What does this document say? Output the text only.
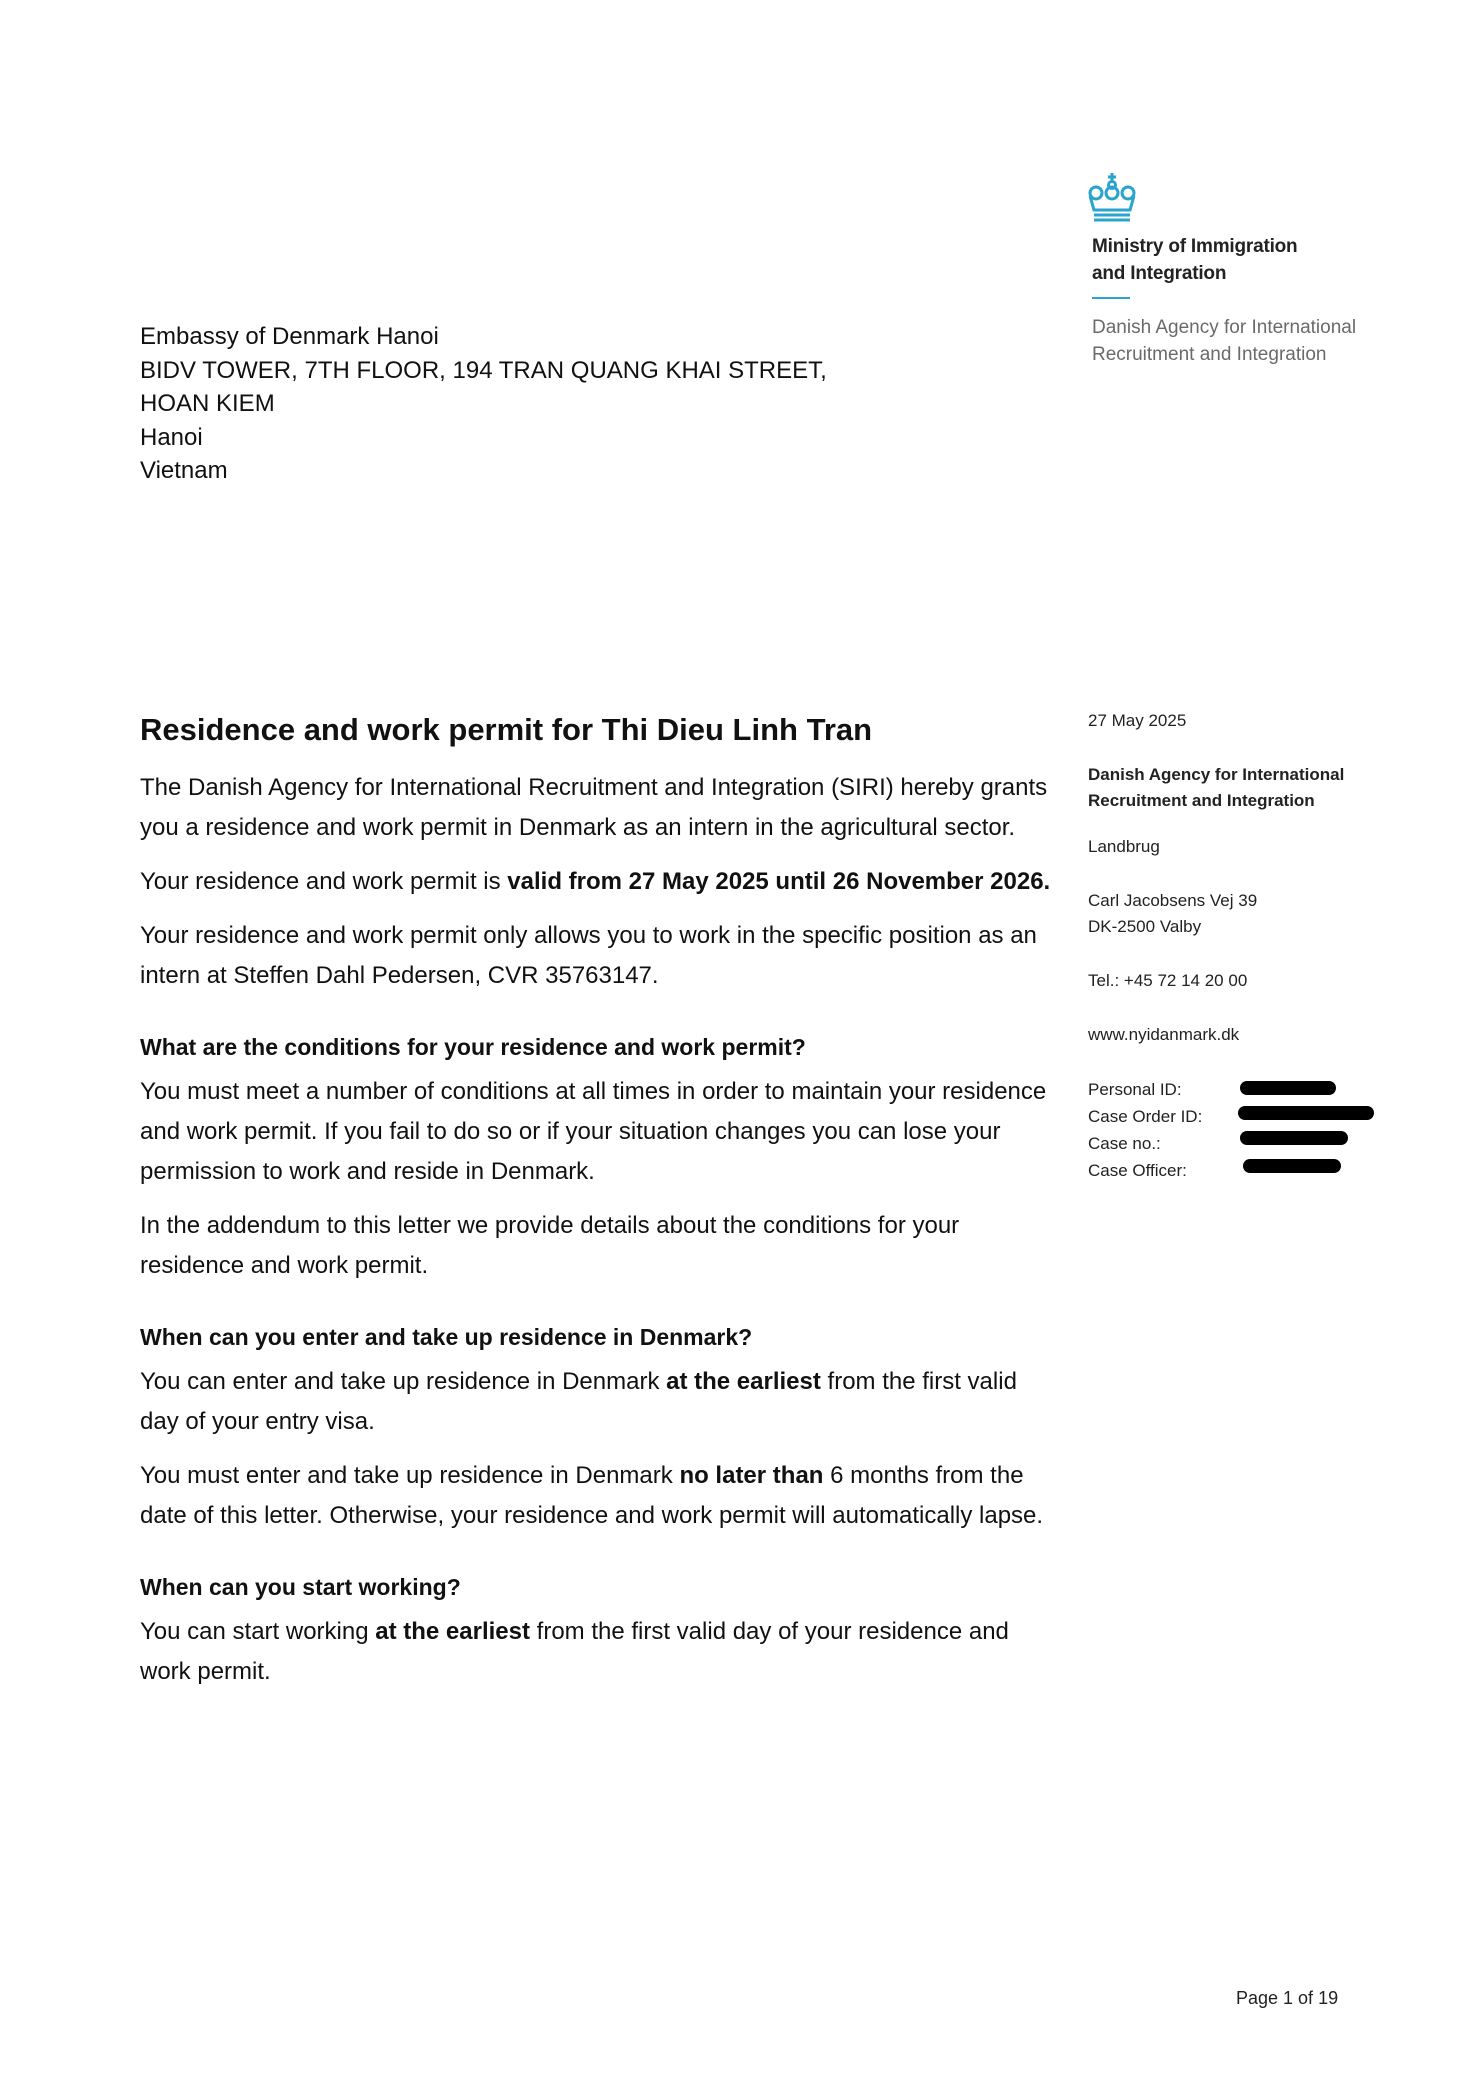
Ministry of Immigration
and Integration
Danish Agency for International
Recruitment and Integration
Embassy of Denmark Hanoi
BIDV TOWER, 7TH FLOOR, 194 TRAN QUANG KHAI STREET,
HOAN KIEM
Hanoi
Vietnam
Residence and work permit for Thi Dieu Linh Tran
The Danish Agency for International Recruitment and Integration (SIRI) hereby grants you a residence and work permit in Denmark as an intern in the agricultural sector.
Your residence and work permit is valid from 27 May 2025 until 26 November 2026.
Your residence and work permit only allows you to work in the specific position as an intern at Steffen Dahl Pedersen, CVR 35763147.
What are the conditions for your residence and work permit?
You must meet a number of conditions at all times in order to maintain your residence and work permit. If you fail to do so or if your situation changes you can lose your permission to work and reside in Denmark.
In the addendum to this letter we provide details about the conditions for your residence and work permit.
When can you enter and take up residence in Denmark?
You can enter and take up residence in Denmark at the earliest from the first valid day of your entry visa.
You must enter and take up residence in Denmark no later than 6 months from the date of this letter. Otherwise, your residence and work permit will automatically lapse.
When can you start working?
You can start working at the earliest from the first valid day of your residence and work permit.
27 May 2025
Danish Agency for International
Recruitment and Integration
Landbrug
Carl Jacobsens Vej 39
DK-2500 Valby
Tel.: +45 72 14 20 00
www.nyidanmark.dk
Personal ID:
Case Order ID:
Case no.:
Case Officer:
Page 1 of 19
